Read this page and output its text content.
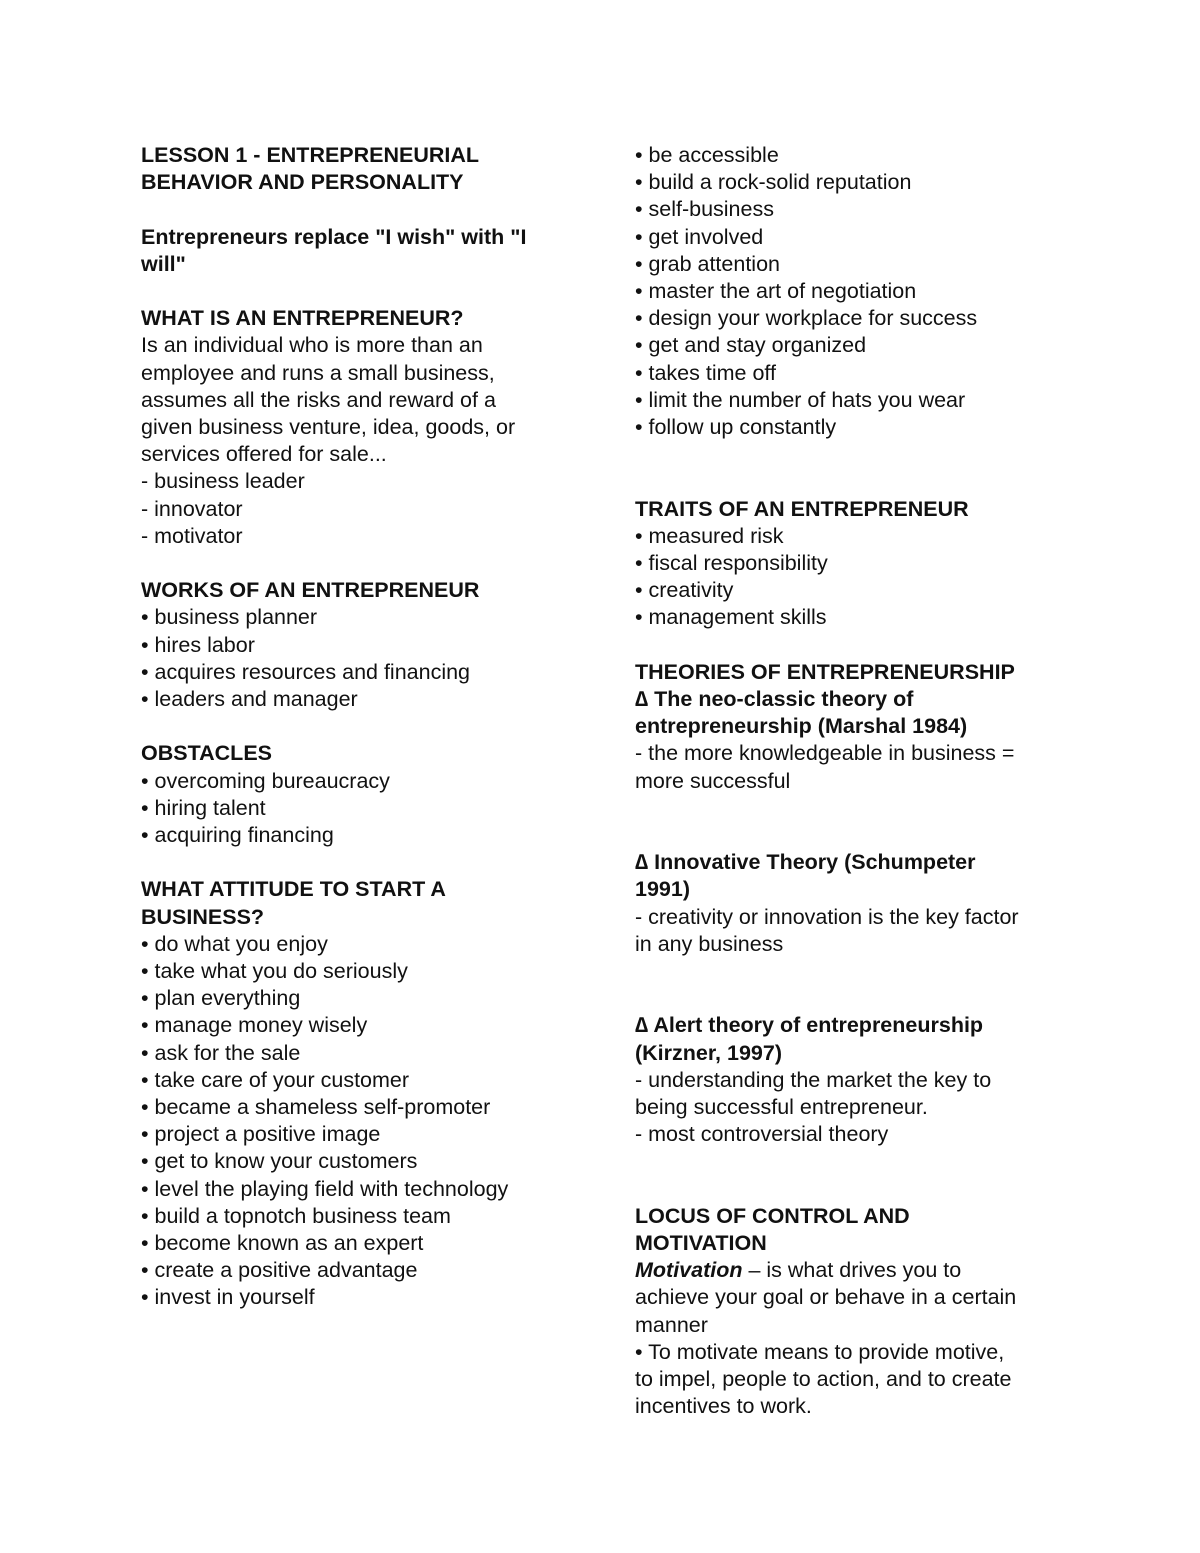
LESSON 1 - ENTREPRENEURIAL

BEHAVIOR AND PERSONALITY

Entrepreneurs replace "I wish" with "I

will"

WHAT IS AN ENTREPRENEUR?

Is an individual who is more than an

employee and runs a small business,

assumes all the risks and reward of a

given business venture, idea, goods, or

services offered for sale...

- business leader

- innovator

- motivator

WORKS OF AN ENTREPRENEUR

• business planner

• hires labor

• acquires resources and financing

• leaders and manager

OBSTACLES

• overcoming bureaucracy

• hiring talent

• acquiring financing

WHAT ATTITUDE TO START A

BUSINESS?

• do what you enjoy

• take what you do seriously

• plan everything

• manage money wisely

• ask for the sale

• take care of your customer

• became a shameless self-promoter

• project a positive image

• get to know your customers

• level the playing field with technology

• build a topnotch business team

• become known as an expert

• create a positive advantage

• invest in yourself

• be accessible

• build a rock-solid reputation

• self-business

• get involved

• grab attention

• master the art of negotiation

• design your workplace for success

• get and stay organized

• takes time off

• limit the number of hats you wear

• follow up constantly

TRAITS OF AN ENTREPRENEUR

• measured risk

• fiscal responsibility

• creativity

• management skills

THEORIES OF ENTREPRENEURSHIP

∆ The neo-classic theory of

entrepreneurship (Marshal 1984)

- the more knowledgeable in business =

more successful

∆ Innovative Theory (Schumpeter

1991)

- creativity or innovation is the key factor

in any business

∆ Alert theory of entrepreneurship

(Kirzner, 1997)

- understanding the market the key to

being successful entrepreneur.

- most controversial theory

LOCUS OF CONTROL AND

MOTIVATION

Motivation – is what drives you to

achieve your goal or behave in a certain

manner

• To motivate means to provide motive,

to impel, people to action, and to create

incentives to work.
